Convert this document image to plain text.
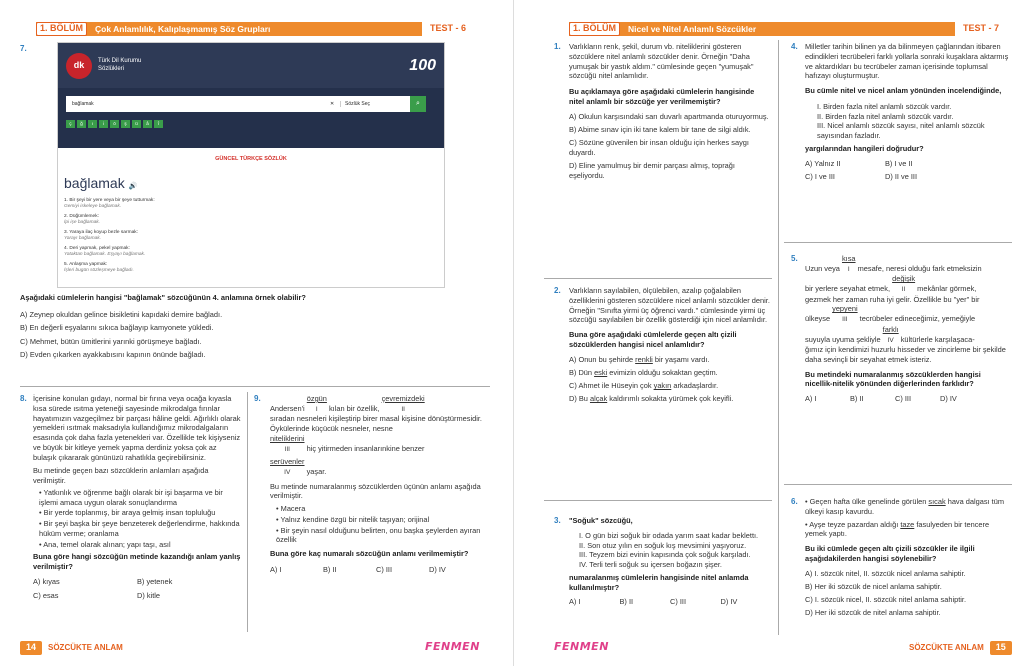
1. BÖLÜM	Çok Anlamlılık, Kalıplaşmamış Söz Grupları	TEST - 6
7.
dk	Türk Dil Kurumu
Sözlükleri	100
bağlamak	✕	Sözlük Seç	⌕
ç	ğ	ı	i	ö	ş	ü	â	î
GÜNCEL TÜRKÇE SÖZLÜK
bağlamak 🔊
1. Bir şeyi bir yere veya bir şeye tutturmak:
Gemiyi iskeleye bağlamak.
2. Düğümlemek:
İpi işe bağlamak.
3. Yaraya ilaç koyup bezle sarmak:
Yarayı bağlamak.
4. Deri yapmak, pekel yapmak:
Yataktan bağlamak. Eşyayı bağlamak.
5. Anlaşma yapmak:
İşleri bugün sözleşmeye bağladı.
Aşağıdaki cümlelerin hangisi "bağlamak" sözcüğünün 4. anlamına örnek olabilir?
A) Zeynep okuldan gelince bisikletini kapıdaki demire bağladı.
B) En değerli eşyalarını sıkıca bağlayıp kamyonete yükledi.
C) Mehmet, bütün ümitlerini yarınki görüşmeye bağladı.
D) Evden çıkarken ayakkabısını kapının önünde bağladı.
8. İçerisine konulan gıdayı, normal bir fırına veya ocağa kıyasla kısa sürede ısıtma yeteneği sayesinde mikrodalga fırınlar hayatımızın vazgeçilmez bir parçası hâline geldi. Ağırlıklı olarak yemekleri ısıtmak maksadıyla kullandığımız mikrodalgaların esasında çok daha fazla yetenekleri var. Özellikle tek kişiyseniz ve büyük bir kitleye yemek yapma derdiniz yoksa çok az bulaşık çıkararak gününüzü rahatlıkla geçirebilirsiniz.
Bu metinde geçen bazı sözcüklerin anlamları aşağıda verilmiştir.
• Yatkınlık ve öğrenme bağlı olarak bir işi başarma ve bir işlemi amaca uygun olarak sonuçlandırma
• Bir yerde toplanmış, bir araya gelmiş insan topluluğu
• Bir şeyi başka bir şeye benzeterek değerlendirme, hakkında hüküm verme; oranlama
• Ana, temel olarak alınan; yapı taşı, asıl
Buna göre hangi sözcüğün metinde kazandığı anlam yanlış verilmiştir?
A) kıyas	B) yetenek
C) esas	D) kitle
9.
Andersen'i özgün
I kılan bir özellik, çevremizdeki
II
sıradan nesneleri kişileştirip birer masal kişisine dönüştürmesidir. Öykülerinde küçücük nesneler, nesne
niteliklerini
III hiç yitirmeden insanlarınkine benzer
serüvenler
IV yaşar.
Bu metinde numaralanmış sözcüklerden üçünün anlamı aşağıda verilmiştir.
• Macera
• Yalnız kendine özgü bir nitelik taşıyan; orijinal
• Bir şeyin nasıl olduğunu belirten, onu başka şeylerden ayıran özellik
Buna göre kaç numaralı sözcüğün anlamı verilmemiştir?
A) I	B) II	C) III	D) IV
14	SÖZCÜKTE ANLAM	FENMEN
1. BÖLÜM	Nicel ve Nitel Anlamlı Sözcükler	TEST - 7
1. Varlıkların renk, şekil, durum vb. niteliklerini gösteren sözcüklere nitel anlamlı sözcükler denir. Örneğin "Daha yumuşak bir yastık aldım." cümlesinde geçen "yumuşak" sözcüğü nitel anlamlıdır.
Bu açıklamaya göre aşağıdaki cümlelerin hangisinde nitel anlamlı bir sözcüğe yer verilmemiştir?
A) Okulun karşısındaki sarı duvarlı apartmanda oturuyormuş.
B) Abime sınav için iki tane kalem bir tane de silgi aldık.
C) Sözüne güvenilen bir insan olduğu için herkes saygı duyardı.
D) Eline yamulmuş bir demir parçası almış, toprağı eşeliyordu.
2. Varlıkların sayılabilen, ölçülebilen, azalıp çoğalabilen özelliklerini gösteren sözcüklere nicel anlamlı sözcükler denir. Örneğin "Sınıfta yirmi üç öğrenci vardı." cümlesinde yirmi üç sözcüğü sayılabilen bir özellik gösterdiği için nicel anlamlıdır.
Buna göre aşağıdaki cümlelerde geçen altı çizili sözcüklerden hangisi nicel anlamlıdır?
A) Onun bu şehirde renkli bir yaşamı vardı.
B) Dün eski evimizin olduğu sokaktan geçtim.
C) Ahmet ile Hüseyin çok yakın arkadaşlardır.
D) Bu alçak kaldırımlı sokakta yürümek çok keyifli.
3. "Soğuk" sözcüğü,
I. O gün bizi soğuk bir odada yarım saat kadar beklettı.
II. Son otuz yılın en soğuk kış mevsimini yaşıyoruz.
III. Teyzem bizi evinin kapısında çok soğuk karşıladı.
IV. Terli terli soğuk su içersen boğazın şişer.
numaralanmış cümlelerin hangisinde nitel anlamda kullanılmıştır?
A) I	B) II	C) III	D) IV
4. Milletler tarihin bilinen ya da bilinmeyen çağlarından itibaren edindikleri tecrübeleri farklı yollarla sonraki kuşaklara aktarmış ve aktardıkları bu tecrübeler zaman içerisinde toplumsal hafızayı oluşturmuştur.
Bu cümle nitel ve nicel anlam yönünden incelendiğinde,
I. Birden fazla nitel anlamlı sözcük vardır.
II. Birden fazla nitel anlamlı sözcük vardır.
III. Nicel anlamlı sözcük sayısı, nitel anlamlı sözcük sayısından fazladır.
yargılarından hangileri doğrudur?
A) Yalnız II	B) I ve II
C) I ve III	D) II ve III
5.
Uzun veya kısa
I mesafe, neresi olduğu fark etmeksizin
bir yerlere seyahat etmek, değişik
II mekânlar görmek,
gezmek her zaman ruha iyi gelir. Özellikle bu "yer" bir
ülkeyse yepyeni
III tecrübeler edineceğimiz, yemeğiyle
suyuyla uyuma şekliyle farklı
IV kültürlerle karşılaşaca-
ğımız için kendimizi huzurlu hisseder ve zincirleme bir şekilde daha sevinçli bir seyahat etmek isteriz.
Bu metindeki numaralanmış sözcüklerden hangisi nicellik-nitelik yönünden diğerlerinden farklıdır?
A) I	B) II	C) III	D) IV
6. • Geçen hafta ülke genelinde görülen sıcak hava dalgası tüm ülkeyi kasıp kavurdu.
• Ayşe teyze pazardan aldığı taze fasulyeden bir tencere yemek yaptı.
Bu iki cümlede geçen altı çizili sözcükler ile ilgili aşağıdakilerden hangisi söylenebilir?
A) I. sözcük nitel, II. sözcük nicel anlama sahiptir.
B) Her iki sözcük de nicel anlama sahiptir.
C) I. sözcük nicel, II. sözcük nitel anlama sahiptir.
D) Her iki sözcük de nitel anlama sahiptir.
FENMEN	SÖZCÜKTE ANLAM	15
